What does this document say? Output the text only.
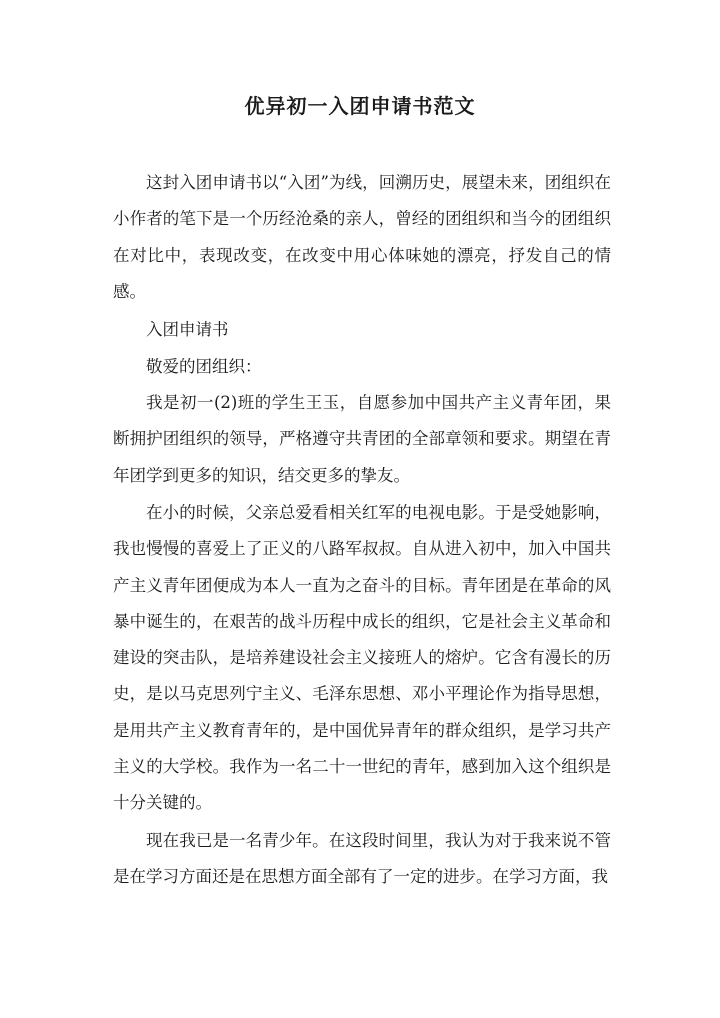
优异初一入团申请书范文

这封入团申请书以“入团”为线，回溯历史，展望未来，团组织在小作者的笔下是一个历经沧桑的亲人，曾经的团组织和当今的团组织在对比中，表现改变，在改变中用心体味她的漂亮，抒发自己的情感。

入团申请书

敬爱的团组织：

我是初一(2)班的学生王玉，自愿参加中国共产主义青年团，果断拥护团组织的领导，严格遵守共青团的全部章领和要求。期望在青年团学到更多的知识，结交更多的挚友。

在小的时候，父亲总爱看相关红军的电视电影。于是受她影响，我也慢慢的喜爱上了正义的八路军叔叔。自从进入初中，加入中国共产主义青年团便成为本人一直为之奋斗的目标。青年团是在革命的风暴中诞生的，在艰苦的战斗历程中成长的组织，它是社会主义革命和建设的突击队，是培养建设社会主义接班人的熔炉。它含有漫长的历史，是以马克思列宁主义、毛泽东思想、邓小平理论作为指导思想，是用共产主义教育青年的，是中国优异青年的群众组织，是学习共产主义的大学校。我作为一名二十一世纪的青年，感到加入这个组织是十分关键的。

现在我已是一名青少年。在这段时间里，我认为对于我来说不管是在学习方面还是在思想方面全部有了一定的进步。在学习方面，我
